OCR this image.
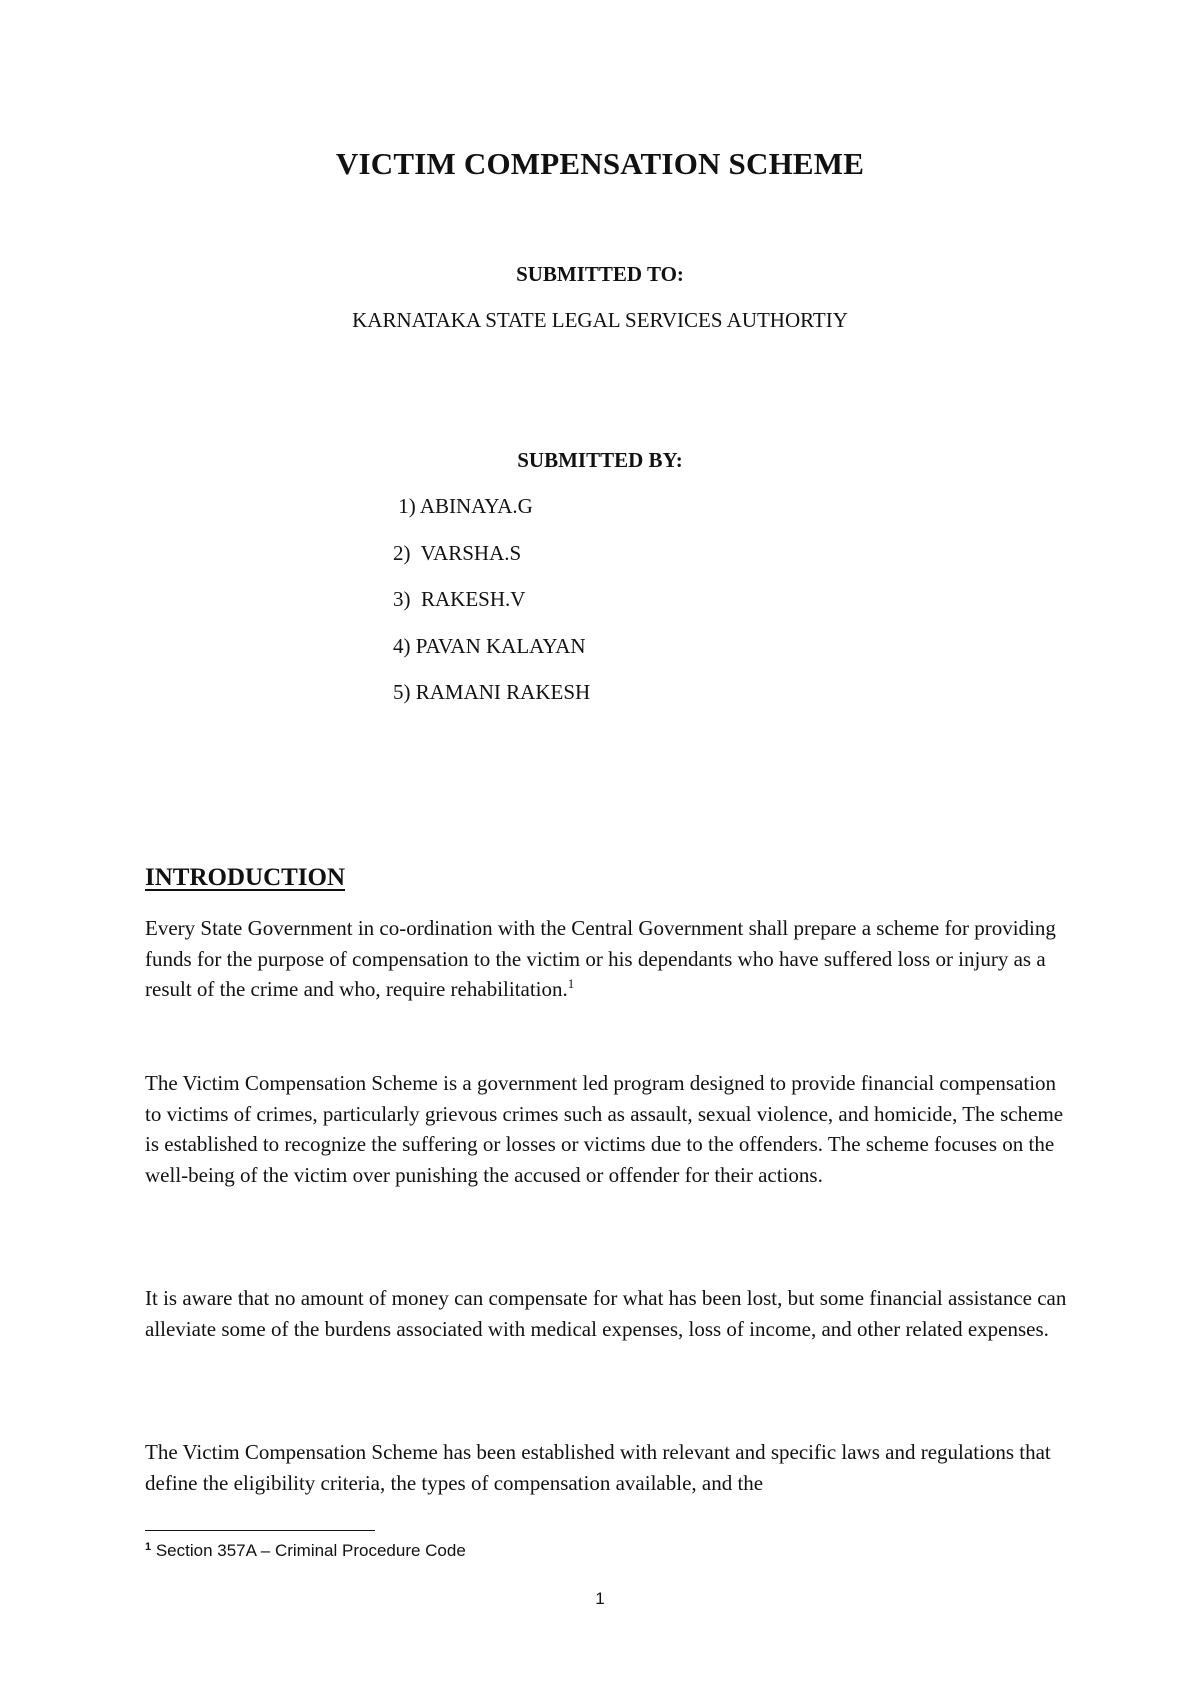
VICTIM COMPENSATION SCHEME

SUBMITTED TO:

KARNATAKA STATE LEGAL SERVICES AUTHORTIY

SUBMITTED BY:

1) ABINAYA.G
2)  VARSHA.S
3)  RAKESH.V
4) PAVAN KALAYAN
5) RAMANI RAKESH
INTRODUCTION

Every State Government in co-ordination with the Central Government shall prepare a scheme for providing funds for the purpose of compensation to the victim or his dependants who have suffered loss or injury as a result of the crime and who, require rehabilitation.$^1$

The Victim Compensation Scheme is a government led program designed to provide financial compensation to victims of crimes, particularly grievous crimes such as assault, sexual violence, and homicide, The scheme is established to recognize the suffering or losses or victims due to the offenders. The scheme focuses on the well-being of the victim over punishing the accused or offender for their actions.

It is aware that no amount of money can compensate for what has been lost, but some financial assistance can alleviate some of the burdens associated with medical expenses, loss of income, and other related expenses.

The Victim Compensation Scheme has been established with relevant and specific laws and regulations that define the eligibility criteria, the types of compensation available, and the

$^1$ Section 357A – Criminal Procedure Code

1
